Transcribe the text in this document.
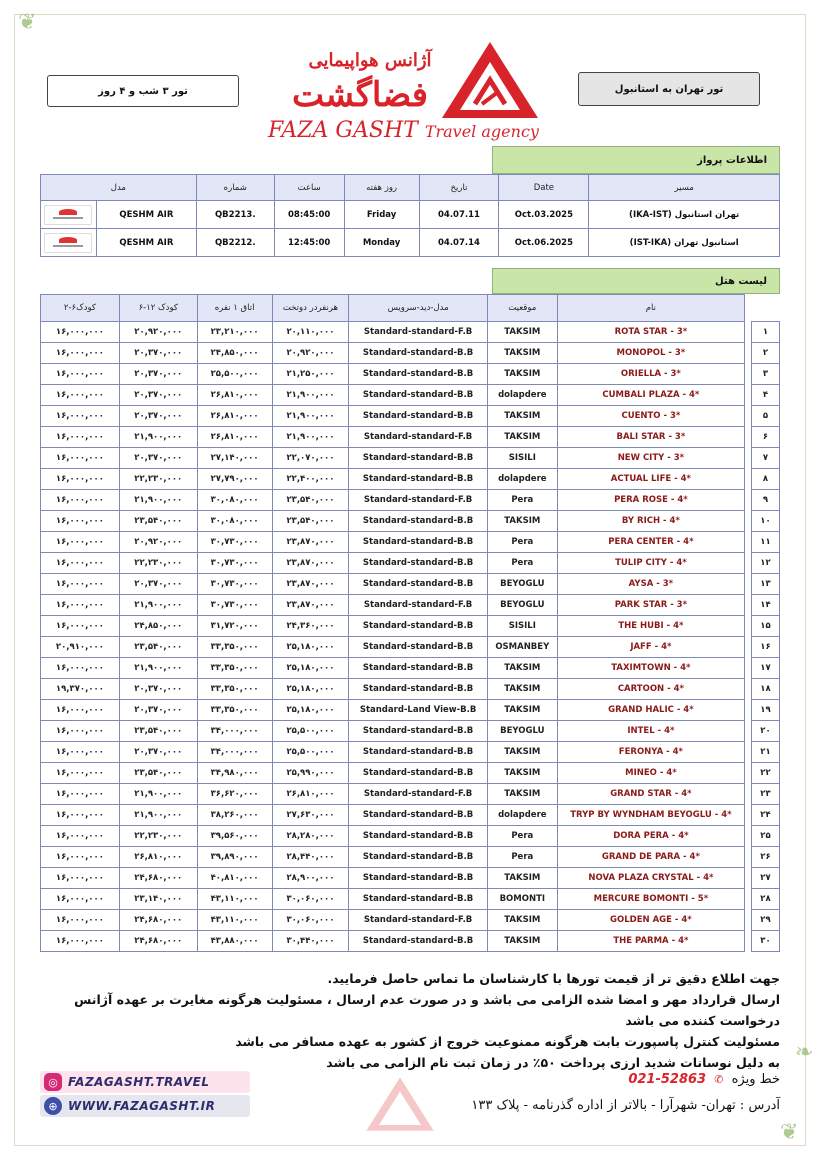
❦
❦
❧
تور ۳ شب و ۴ روز	تور تهران به استانبول
آژانس هواپیمایی
فضاگشت
FAZA GASHT Travel agency
اطلاعات پرواز
مدل		شماره	ساعت	روز هفته	تاریخ	Date	مسیر

	QESHM AIR	QB2213.	08:45:00	Friday	04.07.11	Oct.03.2025	تهران استانبول (IKA-IST)

	QESHM AIR	QB2212.	12:45:00	Monday	04.07.14	Oct.06.2025	استانبول تهران (IST-IKA)
لیست هتل
کودک۶-۲	کودک ۱۲-۶	اتاق ۱ نفره	هرنفردر دوتخت	مدل-دید-سرویس	موقعیت	نام		
۱۶,۰۰۰,۰۰۰	۲۰,۹۲۰,۰۰۰	۲۳,۲۱۰,۰۰۰	۲۰,۱۱۰,۰۰۰	Standard-standard-F.B	TAKSIM	ROTA STAR - 3*		۱
۱۶,۰۰۰,۰۰۰	۲۰,۳۷۰,۰۰۰	۲۴,۸۵۰,۰۰۰	۲۰,۹۲۰,۰۰۰	Standard-standard-B.B	TAKSIM	MONOPOL - 3*		۲
۱۶,۰۰۰,۰۰۰	۲۰,۳۷۰,۰۰۰	۲۵,۵۰۰,۰۰۰	۲۱,۲۵۰,۰۰۰	Standard-standard-B.B	TAKSIM	ORIELLA - 3*		۳
۱۶,۰۰۰,۰۰۰	۲۰,۳۷۰,۰۰۰	۲۶,۸۱۰,۰۰۰	۲۱,۹۰۰,۰۰۰	Standard-standard-B.B	dolapdere	CUMBALI PLAZA - 4*		۴
۱۶,۰۰۰,۰۰۰	۲۰,۳۷۰,۰۰۰	۲۶,۸۱۰,۰۰۰	۲۱,۹۰۰,۰۰۰	Standard-standard-B.B	TAKSIM	CUENTO - 3*		۵
۱۶,۰۰۰,۰۰۰	۲۱,۹۰۰,۰۰۰	۲۶,۸۱۰,۰۰۰	۲۱,۹۰۰,۰۰۰	Standard-standard-F.B	TAKSIM	BALI STAR - 3*		۶
۱۶,۰۰۰,۰۰۰	۲۰,۳۷۰,۰۰۰	۲۷,۱۴۰,۰۰۰	۲۲,۰۷۰,۰۰۰	Standard-standard-B.B	SISILI	NEW CITY - 3*		۷
۱۶,۰۰۰,۰۰۰	۲۲,۲۳۰,۰۰۰	۲۷,۷۹۰,۰۰۰	۲۲,۴۰۰,۰۰۰	Standard-standard-B.B	dolapdere	ACTUAL LIFE - 4*		۸
۱۶,۰۰۰,۰۰۰	۲۱,۹۰۰,۰۰۰	۳۰,۰۸۰,۰۰۰	۲۳,۵۴۰,۰۰۰	Standard-standard-F.B	Pera	PERA ROSE - 4*		۹
۱۶,۰۰۰,۰۰۰	۲۳,۵۴۰,۰۰۰	۳۰,۰۸۰,۰۰۰	۲۳,۵۴۰,۰۰۰	Standard-standard-B.B	TAKSIM	BY RICH - 4*		۱۰
۱۶,۰۰۰,۰۰۰	۲۰,۹۲۰,۰۰۰	۳۰,۷۳۰,۰۰۰	۲۳,۸۷۰,۰۰۰	Standard-standard-B.B	Pera	PERA CENTER - 4*		۱۱
۱۶,۰۰۰,۰۰۰	۲۲,۲۳۰,۰۰۰	۳۰,۷۳۰,۰۰۰	۲۳,۸۷۰,۰۰۰	Standard-standard-B.B	Pera	TULIP CITY - 4*		۱۲
۱۶,۰۰۰,۰۰۰	۲۰,۳۷۰,۰۰۰	۳۰,۷۳۰,۰۰۰	۲۳,۸۷۰,۰۰۰	Standard-standard-B.B	BEYOGLU	AYSA - 3*		۱۳
۱۶,۰۰۰,۰۰۰	۲۱,۹۰۰,۰۰۰	۳۰,۷۳۰,۰۰۰	۲۳,۸۷۰,۰۰۰	Standard-standard-F.B	BEYOGLU	PARK STAR - 3*		۱۴
۱۶,۰۰۰,۰۰۰	۲۴,۸۵۰,۰۰۰	۳۱,۷۲۰,۰۰۰	۲۴,۳۶۰,۰۰۰	Standard-standard-B.B	SISILI	THE HUBI - 4*		۱۵
۲۰,۹۱۰,۰۰۰	۲۳,۵۴۰,۰۰۰	۳۳,۳۵۰,۰۰۰	۲۵,۱۸۰,۰۰۰	Standard-standard-B.B	OSMANBEY	JAFF - 4*		۱۶
۱۶,۰۰۰,۰۰۰	۲۱,۹۰۰,۰۰۰	۳۳,۳۵۰,۰۰۰	۲۵,۱۸۰,۰۰۰	Standard-standard-B.B	TAKSIM	TAXIMTOWN - 4*		۱۷
۱۹,۳۷۰,۰۰۰	۲۰,۳۷۰,۰۰۰	۳۳,۳۵۰,۰۰۰	۲۵,۱۸۰,۰۰۰	Standard-standard-B.B	TAKSIM	CARTOON - 4*		۱۸
۱۶,۰۰۰,۰۰۰	۲۰,۳۷۰,۰۰۰	۳۳,۳۵۰,۰۰۰	۲۵,۱۸۰,۰۰۰	Standard-Land View-B.B	TAKSIM	GRAND HALIC - 4*		۱۹
۱۶,۰۰۰,۰۰۰	۲۳,۵۴۰,۰۰۰	۳۴,۰۰۰,۰۰۰	۲۵,۵۰۰,۰۰۰	Standard-standard-B.B	BEYOGLU	INTEL - 4*		۲۰
۱۶,۰۰۰,۰۰۰	۲۰,۳۷۰,۰۰۰	۳۴,۰۰۰,۰۰۰	۲۵,۵۰۰,۰۰۰	Standard-standard-B.B	TAKSIM	FERONYA - 4*		۲۱
۱۶,۰۰۰,۰۰۰	۲۳,۵۴۰,۰۰۰	۳۴,۹۸۰,۰۰۰	۲۵,۹۹۰,۰۰۰	Standard-standard-B.B	TAKSIM	MINEO - 4*		۲۲
۱۶,۰۰۰,۰۰۰	۲۱,۹۰۰,۰۰۰	۳۶,۶۲۰,۰۰۰	۲۶,۸۱۰,۰۰۰	Standard-standard-F.B	TAKSIM	GRAND STAR - 4*		۲۳
۱۶,۰۰۰,۰۰۰	۲۱,۹۰۰,۰۰۰	۳۸,۲۶۰,۰۰۰	۲۷,۶۳۰,۰۰۰	Standard-standard-B.B	dolapdere	TRYP BY WYNDHAM BEYOGLU - 4*		۲۴
۱۶,۰۰۰,۰۰۰	۲۲,۲۳۰,۰۰۰	۳۹,۵۶۰,۰۰۰	۲۸,۲۸۰,۰۰۰	Standard-standard-B.B	Pera	DORA PERA - 4*		۲۵
۱۶,۰۰۰,۰۰۰	۲۶,۸۱۰,۰۰۰	۳۹,۸۹۰,۰۰۰	۲۸,۴۴۰,۰۰۰	Standard-standard-B.B	Pera	GRAND DE PARA - 4*		۲۶
۱۶,۰۰۰,۰۰۰	۲۴,۶۸۰,۰۰۰	۴۰,۸۱۰,۰۰۰	۲۸,۹۰۰,۰۰۰	Standard-standard-B.B	TAKSIM	NOVA PLAZA CRYSTAL - 4*		۲۷
۱۶,۰۰۰,۰۰۰	۲۳,۱۴۰,۰۰۰	۴۳,۱۱۰,۰۰۰	۳۰,۰۶۰,۰۰۰	Standard-standard-B.B	BOMONTI	MERCURE BOMONTI - 5*		۲۸
۱۶,۰۰۰,۰۰۰	۲۴,۶۸۰,۰۰۰	۴۳,۱۱۰,۰۰۰	۳۰,۰۶۰,۰۰۰	Standard-standard-F.B	TAKSIM	GOLDEN AGE - 4*		۲۹
۱۶,۰۰۰,۰۰۰	۲۴,۶۸۰,۰۰۰	۴۳,۸۸۰,۰۰۰	۳۰,۴۴۰,۰۰۰	Standard-standard-B.B	TAKSIM	THE PARMA - 4*		۳۰

جهت اطلاع دقیق تر از قیمت تورها با کارشناسان ما تماس حاصل فرمایید.

ارسال قرارداد مهر و امضا شده الزامی می باشد و در صورت عدم ارسال ، مسئولیت هرگونه مغایرت بر عهده آژانس درخواست کننده می باشد

مسئولیت کنترل پاسپورت بابت هرگونه ممنوعیت خروج از کشور به عهده مسافر می باشد

به دلیل نوسانات شدید ارزی پرداخت ۵۰٪ در زمان ثبت نام الزامی می باشد

◎ FAZAGASHT.TRAVEL
⊕ WWW.FAZAGASHT.IR
خط ویژه ✆ 021-52863
آدرس : تهران- شهرآرا - بالاتر از اداره گذرنامه - پلاک ۱۳۳
